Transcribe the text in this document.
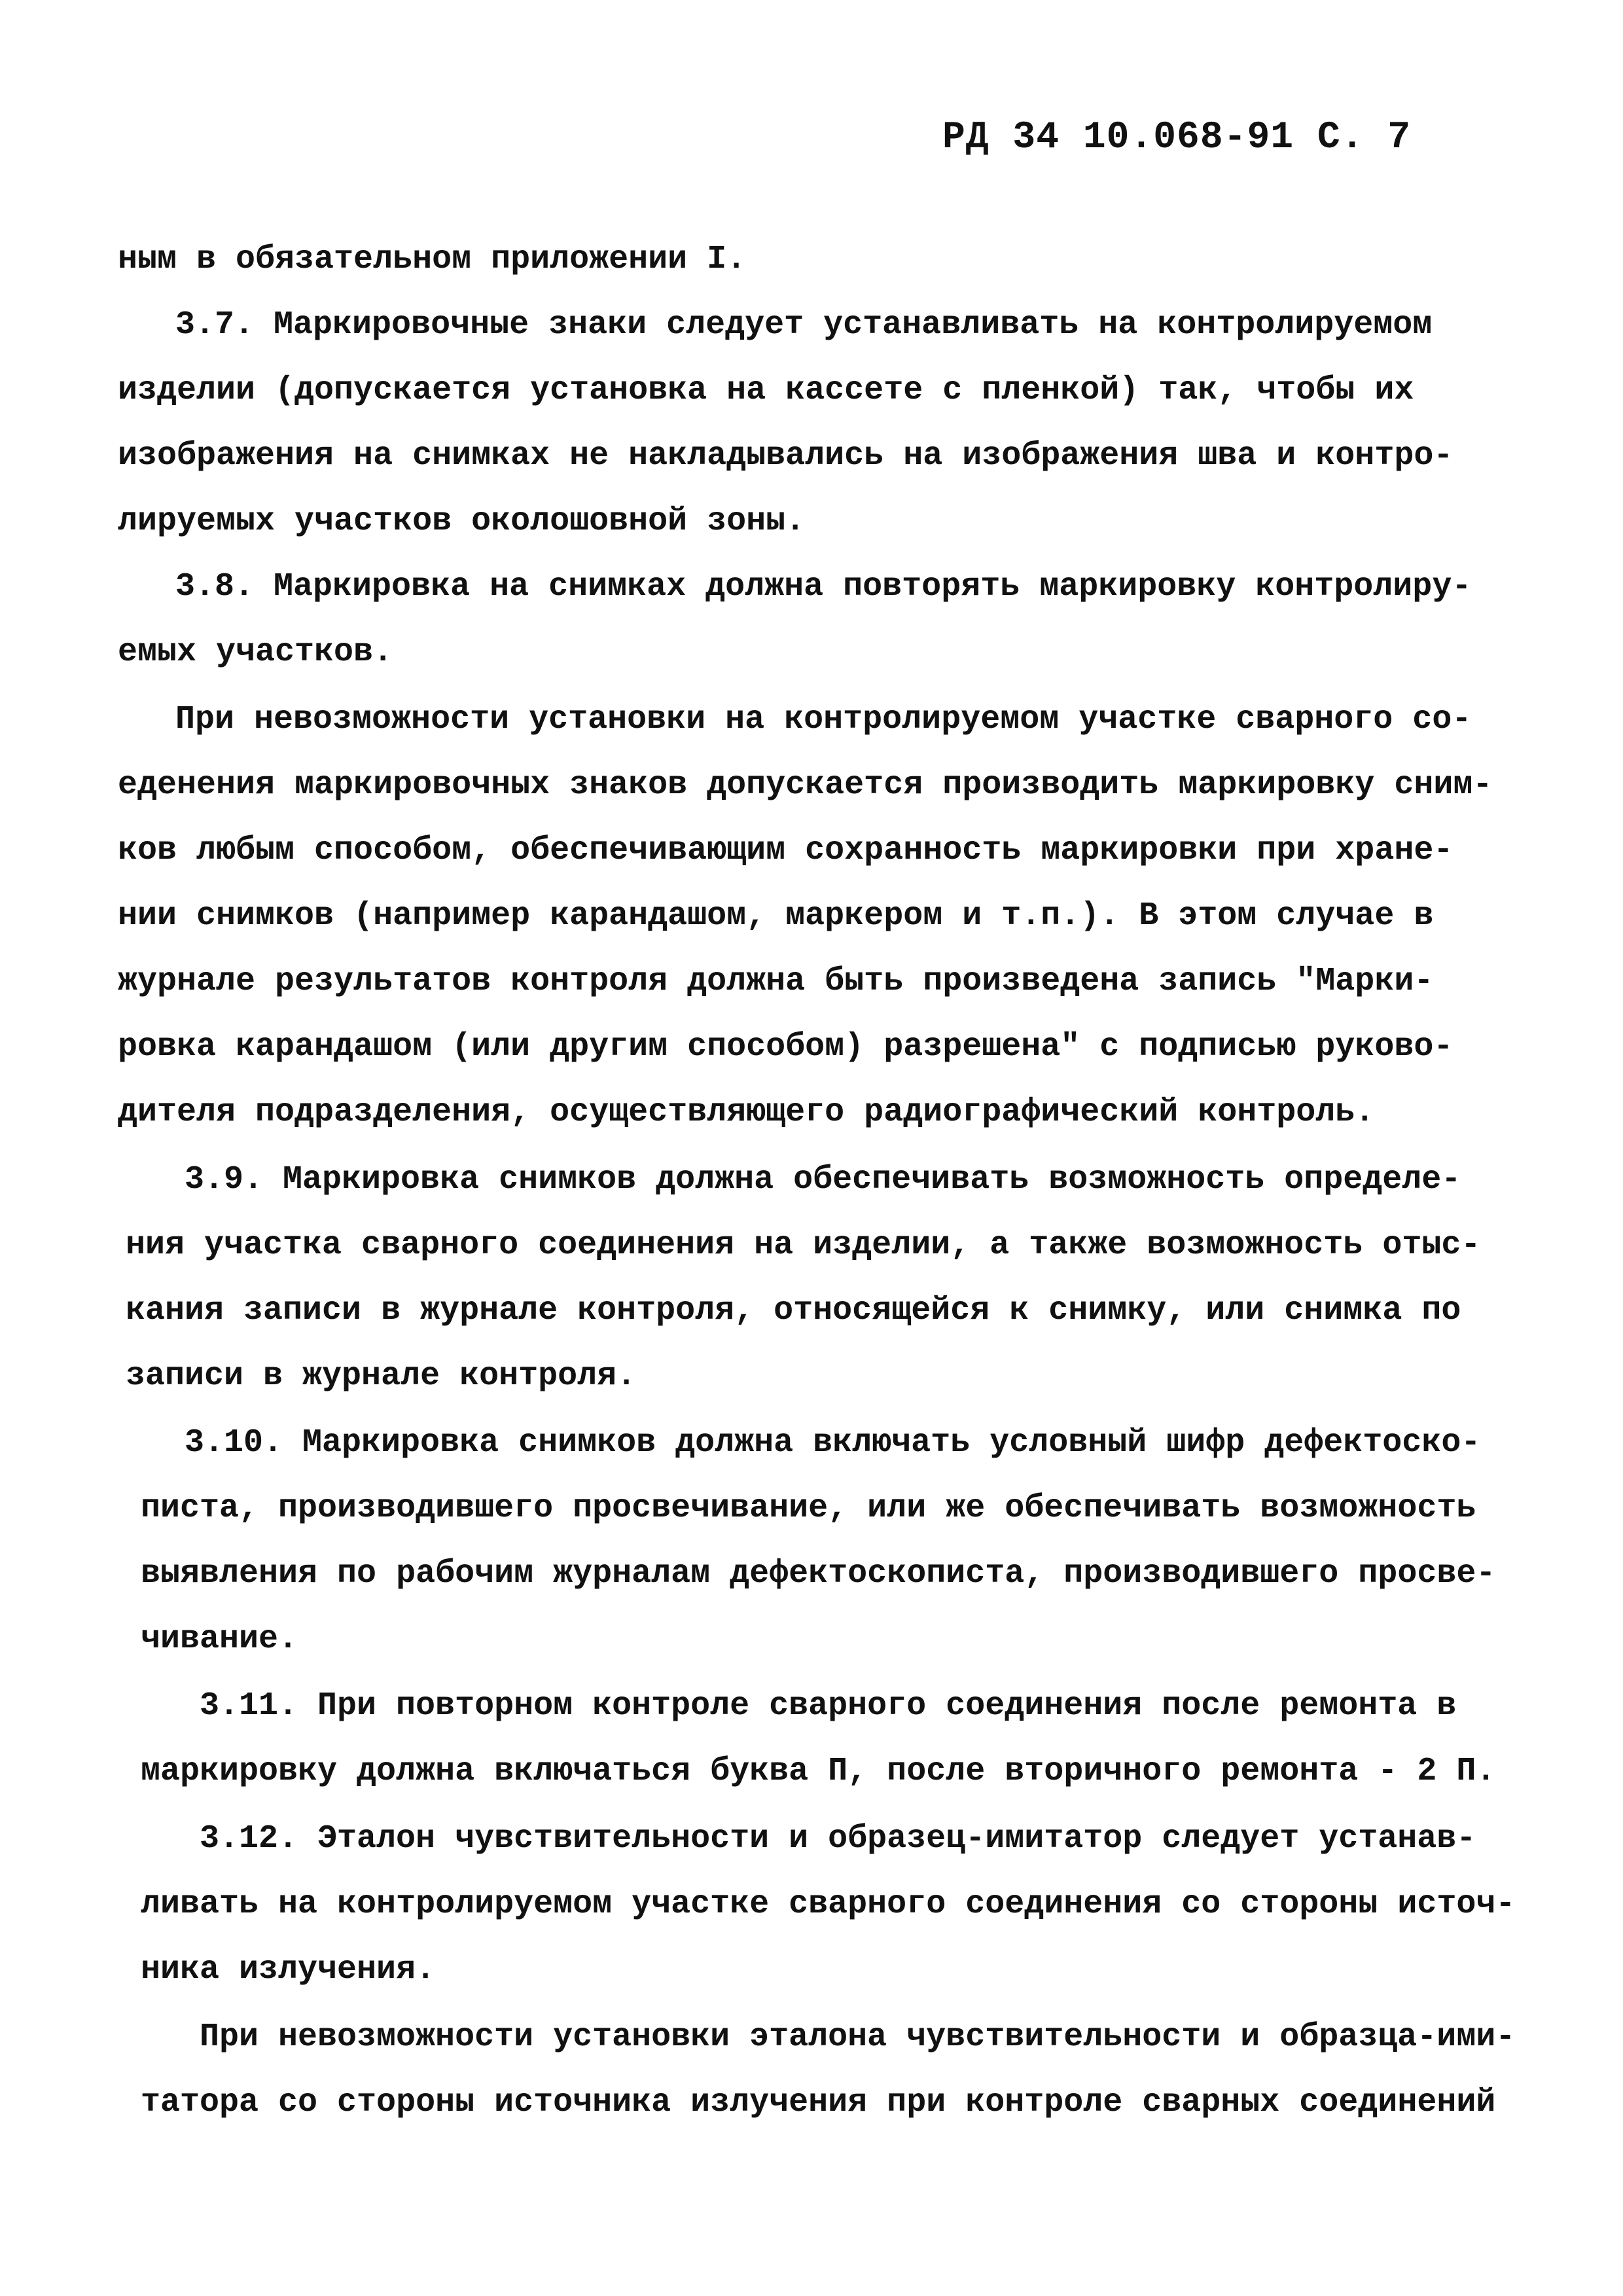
РД 34 10.068-91 С. 7
ным в обязательном приложении I.
3.7. Маркировочные знаки следует устанавливать на контролируемом
изделии (допускается установка на кассете с пленкой) так, чтобы их
изображения на снимках не накладывались на изображения шва и контро-
лируемых участков околошовной зоны.
3.8. Маркировка на снимках должна повторять маркировку контролиру-
емых участков.
При невозможности установки на контролируемом участке сварного со-
еденения маркировочных знаков допускается производить маркировку сним-
ков любым способом, обеспечивающим сохранность маркировки при хране-
нии снимков (например карандашом, маркером и т.п.). В этом случае в
журнале результатов контроля должна быть произведена запись "Марки-
ровка карандашом (или другим способом) разрешена" с подписью руково-
дителя подразделения, осуществляющего радиографический контроль.
3.9. Маркировка снимков должна обеспечивать возможность определе-
ния участка сварного соединения на изделии, а также возможность отыс-
кания записи в журнале контроля, относящейся к снимку, или снимка по
записи в журнале контроля.
3.10. Маркировка снимков должна включать условный шифр дефектоско-
писта, производившего просвечивание, или же обеспечивать возможность
выявления по рабочим журналам дефектоскописта, производившего просве-
чивание.
3.11. При повторном контроле сварного соединения после ремонта в
маркировку должна включаться буква П, после вторичного ремонта - 2 П.
3.12. Эталон чувствительности и образец-имитатор следует устанав-
ливать на контролируемом участке сварного соединения со стороны источ-
ника излучения.
При невозможности установки эталона чувствительности и образца-ими-
татора со стороны источника излучения при контроле сварных соединений
